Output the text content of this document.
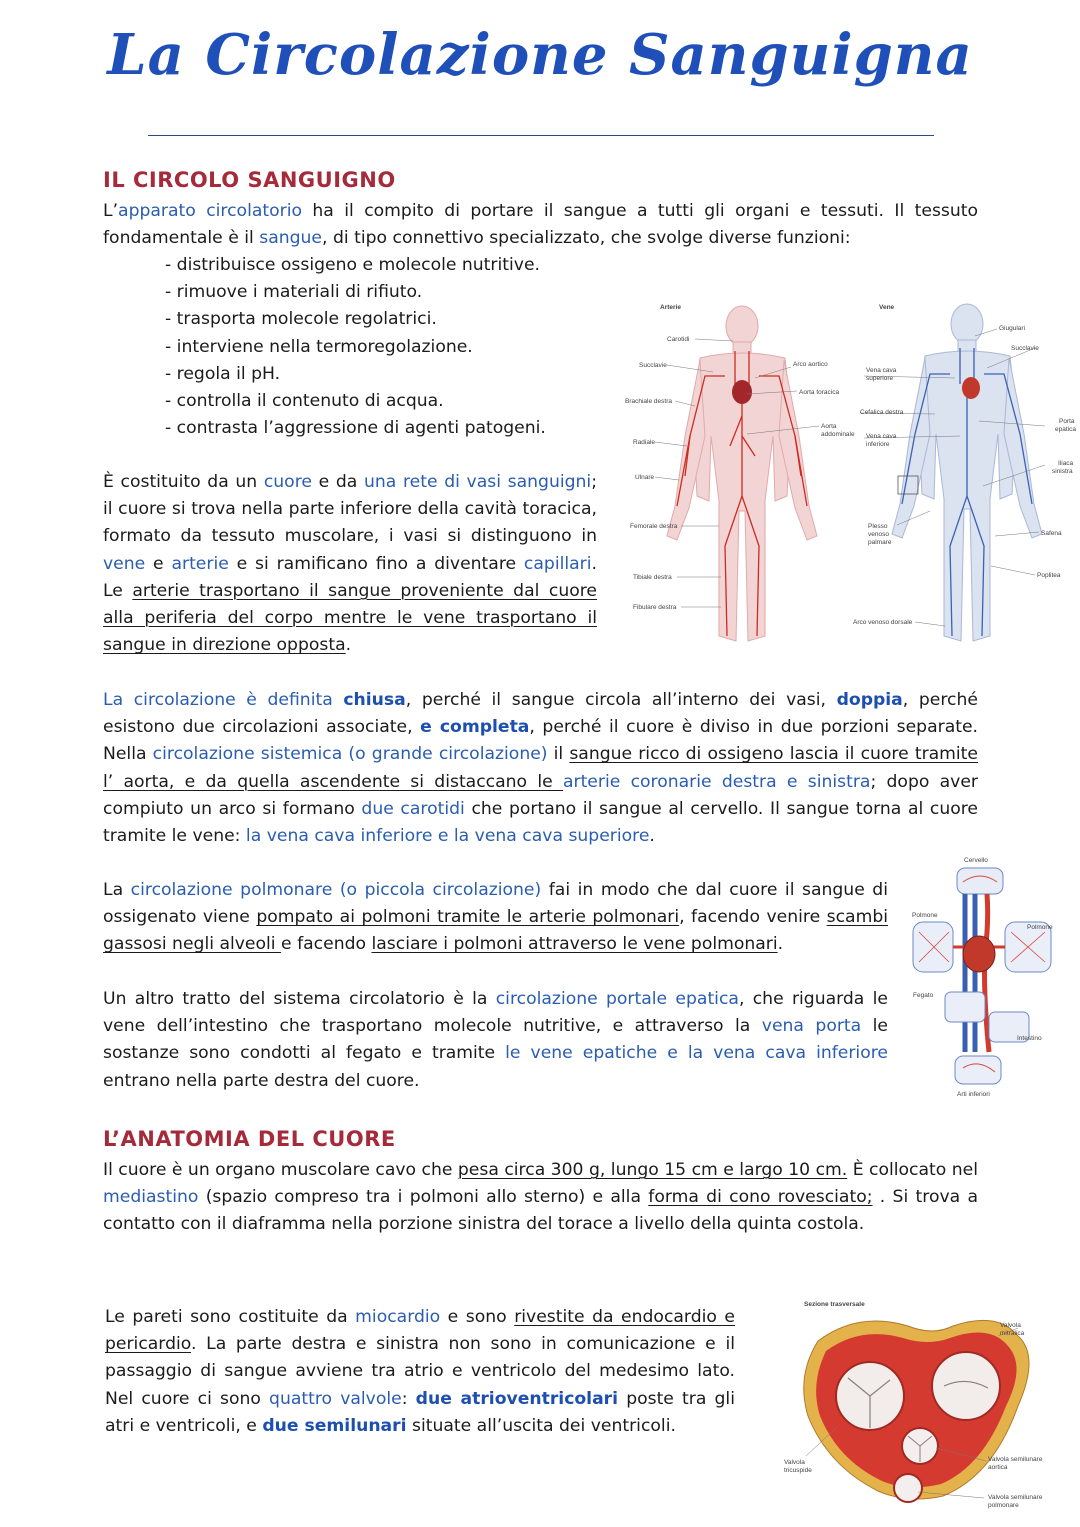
La Circolazione Sanguigna
IL CIRCOLO SANGUIGNO
L’apparato circolatorio ha il compito di portare il sangue a tutti gli organi e tessuti. Il tessuto fondamentale è il sangue, di tipo connettivo specializzato, che svolge diverse funzioni:
- distribuisce ossigeno e molecole nutritive.
- rimuove i materiali di rifiuto.
- trasporta molecole regolatrici.
- interviene nella termoregolazione.
- regola il pH.
- controlla il contenuto di acqua.
- contrasta l’aggressione di agenti patogeni.
È costituito da un cuore e da una rete di vasi sanguigni; il cuore si trova nella parte inferiore della cavità toracica, formato da tessuto muscolare, i vasi si distinguono in vene e arterie e si ramificano fino a diventare capillari. Le arterie trasportano il sangue proveniente dal cuore alla periferia del corpo mentre le vene trasportano il sangue in direzione opposta.
Arterie	Vene
Carotidi
Succlavie
Brachiale destra
Radiale
Ulnare
Femorale destra
Tibiale destra
Fibulare destra
Arco aortico
Aorta toracica
Aorta
addominale
Vena cava
superiore
Cefalica destra
Vena cava
inferiore
Plesso
venoso
palmare
Arco venoso dorsale
Giugulari
Succlavie
Porta
epatica
Iliaca
sinistra
Safena
Poplitea
La circolazione è definita chiusa, perché il sangue circola all’interno dei vasi, doppia, perché esistono due circolazioni associate, e completa, perché il cuore è diviso in due porzioni separate. Nella circolazione sistemica (o grande circolazione) il sangue ricco di ossigeno lascia il cuore tramite l’ aorta, e da quella ascendente si distaccano le arterie coronarie destra e sinistra; dopo aver compiuto un arco si formano due carotidi che portano il sangue al cervello. Il sangue torna al cuore tramite le vene: la vena cava inferiore e la vena cava superiore.
La circolazione polmonare (o piccola circolazione) fai in modo che dal cuore il sangue di ossigenato viene pompato ai polmoni tramite le arterie polmonari, facendo venire scambi gassosi negli alveoli e facendo lasciare i polmoni attraverso le vene polmonari.
Un altro tratto del sistema circolatorio è la circolazione portale epatica, che riguarda le vene dell’intestino che trasportano molecole nutritive, e attraverso la vena porta le sostanze sono condotti al fegato e tramite le vene epatiche e la vena cava inferiore entrano nella parte destra del cuore.
Cervello
Polmone
Polmone
Fegato
Intestino
Arti inferiori
L’ANATOMIA DEL CUORE
Il cuore è un organo muscolare cavo che pesa circa 300 g, lungo 15 cm e largo 10 cm. È collocato nel mediastino (spazio compreso tra i polmoni allo sterno) e alla forma di cono rovesciato; . Si trova a contatto con il diaframma nella porzione sinistra del torace a livello della quinta costola.
Le pareti sono costituite da miocardio e sono rivestite da endocardio e pericardio. La parte destra e sinistra non sono in comunicazione e il passaggio di sangue avviene tra atrio e ventricolo del medesimo lato. Nel cuore ci sono quattro valvole: due atrioventricolari poste tra gli atri e ventricoli, e due semilunari situate all’uscita dei ventricoli.
Sezione trasversale
Valvola
mitralica
Valvola
tricuspide
Valvola semilunare
aortica
Valvola semilunare
polmonare
